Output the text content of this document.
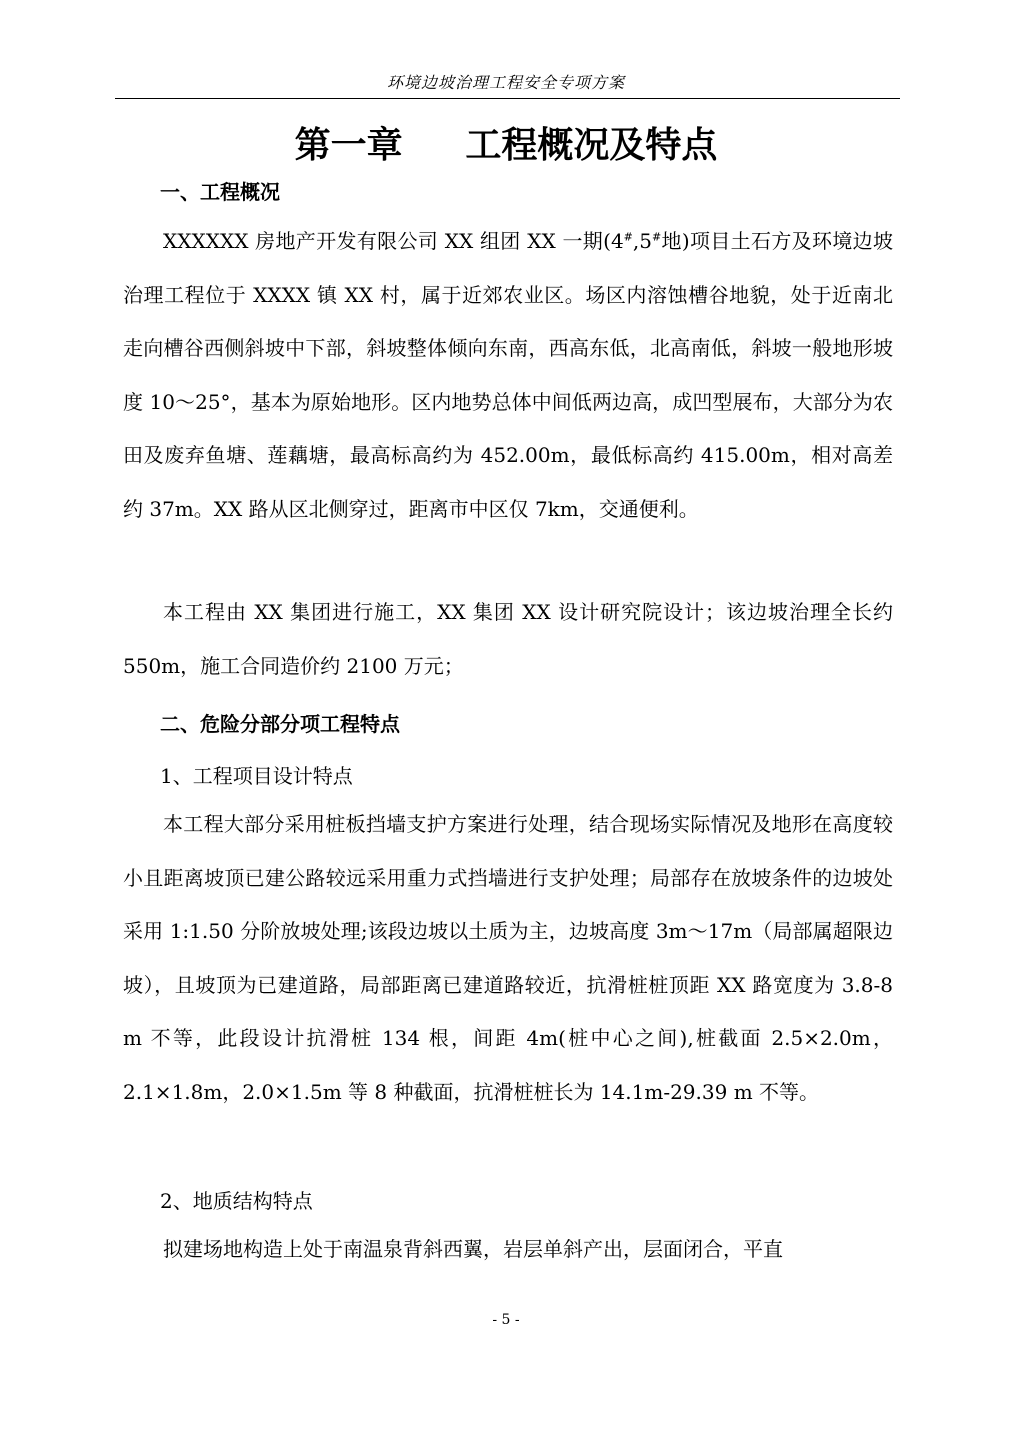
环境边坡治理工程安全专项方案
第一章     工程概况及特点
一、工程概况
XXXXXX 房地产开发有限公司 XX 组团 XX 一期(4#,5#地)项目土石方及环境边坡治理工程位于 XXXX 镇 XX 村，属于近郊农业区。场区内溶蚀槽谷地貌，处于近南北走向槽谷西侧斜坡中下部，斜坡整体倾向东南，西高东低，北高南低，斜坡一般地形坡度 10～25°，基本为原始地形。区内地势总体中间低两边高，成凹型展布，大部分为农田及废弃鱼塘、莲藕塘，最高标高约为 452.00m，最低标高约 415.00m，相对高差约 37m。XX 路从区北侧穿过，距离市中区仅 7km，交通便利。
本工程由 XX 集团进行施工，XX 集团 XX 设计研究院设计；该边坡治理全长约 550m，施工合同造价约 2100 万元；
二、危险分部分项工程特点
1、工程项目设计特点
本工程大部分采用桩板挡墙支护方案进行处理，结合现场实际情况及地形在高度较小且距离坡顶已建公路较远采用重力式挡墙进行支护处理；局部存在放坡条件的边坡处采用 1:1.50 分阶放坡处理;该段边坡以土质为主，边坡高度 3m～17m（局部属超限边坡），且坡顶为已建道路，局部距离已建道路较近，抗滑桩桩顶距 XX 路宽度为 3.8-8 m 不等，此段设计抗滑桩 134 根，间距 4m(桩中心之间),桩截面 2.5×2.0m，2.1×1.8m，2.0×1.5m 等 8 种截面，抗滑桩桩长为 14.1m-29.39 m 不等。
2、地质结构特点
拟建场地构造上处于南温泉背斜西翼，岩层单斜产出，层面闭合，平直
- 5 -
